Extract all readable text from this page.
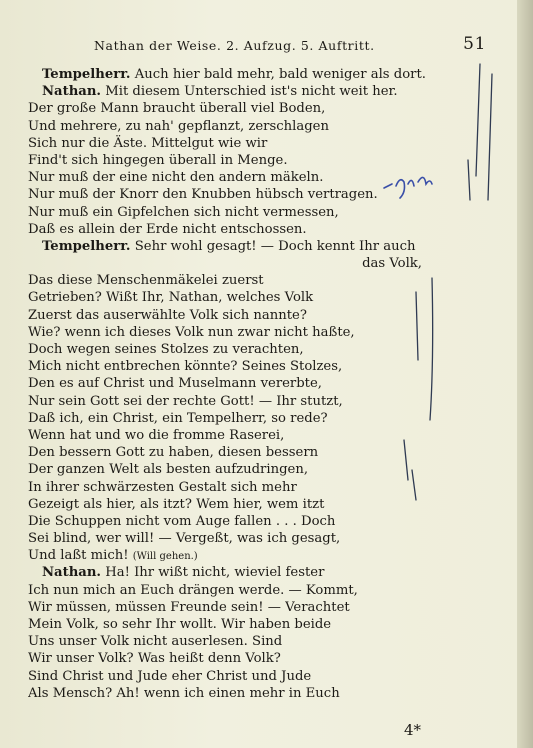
Nathan der Weise. 2. Aufzug. 5. Auftritt.	51
Tempelherr. Auch hier bald mehr, bald weniger als dort.
Nathan. Mit diesem Unterschied ist's nicht weit her.
Der große Mann braucht überall viel Boden,
Und mehrere, zu nah' gepflanzt, zerschlagen
Sich nur die Äste. Mittelgut wie wir
Find't sich hingegen überall in Menge.
Nur muß der eine nicht den andern mäkeln.
Nur muß der Knorr den Knubben hübsch vertragen.
Nur muß ein Gipfelchen sich nicht vermessen,
Daß es allein der Erde nicht entschossen.
Tempelherr. Sehr wohl gesagt! — Doch kennt Ihr auch
das Volk,
Das diese Menschenmäkelei zuerst
Getrieben? Wißt Ihr, Nathan, welches Volk
Zuerst das auserwählte Volk sich nannte?
Wie? wenn ich dieses Volk nun zwar nicht haßte,
Doch wegen seines Stolzes zu verachten,
Mich nicht entbrechen könnte? Seines Stolzes,
Den es auf Christ und Muselmann vererbte,
Nur sein Gott sei der rechte Gott! — Ihr stutzt,
Daß ich, ein Christ, ein Tempelherr, so rede?
Wenn hat und wo die fromme Raserei,
Den bessern Gott zu haben, diesen bessern
Der ganzen Welt als besten aufzudringen,
In ihrer schwärzesten Gestalt sich mehr
Gezeigt als hier, als itzt? Wem hier, wem itzt
Die Schuppen nicht vom Auge fallen . . . Doch
Sei blind, wer will! — Vergeßt, was ich gesagt,
Und laßt mich! (Will gehen.)
Nathan. Ha! Ihr wißt nicht, wieviel fester
Ich nun mich an Euch drängen werde. — Kommt,
Wir müssen, müssen Freunde sein! — Verachtet
Mein Volk, so sehr Ihr wollt. Wir haben beide
Uns unser Volk nicht auserlesen. Sind
Wir unser Volk? Was heißt denn Volk?
Sind Christ und Jude eher Christ und Jude
Als Mensch? Ah! wenn ich einen mehr in Euch
4*
